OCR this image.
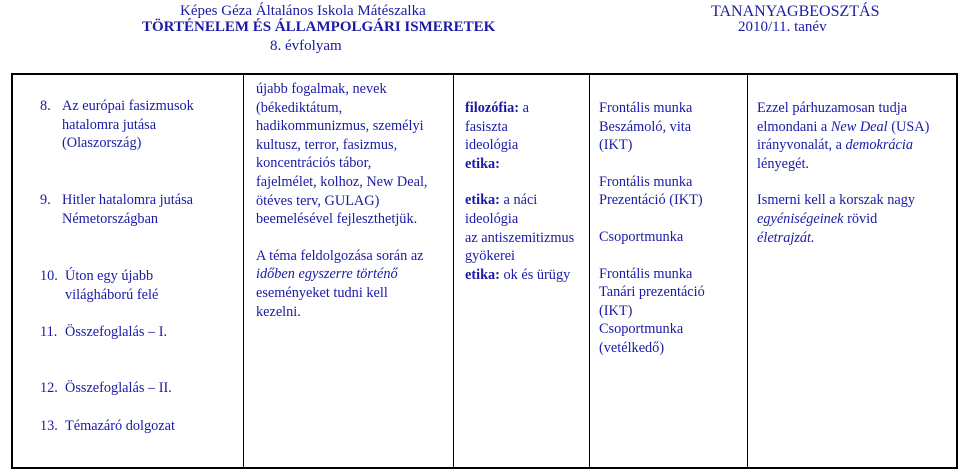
Képes Géza Általános Iskola Mátészalka
TÖRTÉNELEM ÉS ÁLLAMPOLGÁRI ISMERETEK
8. évfolyam
TANANYAGBEOSZTÁS
2010/11. tanév
8. Az európai fasizmusok
hatalomra jutása
(Olaszország)
9. Hitler hatalomra jutása
Németországban
10. Úton egy újabb
világháború felé
11. Összefoglalás – I.
12. Összefoglalás – II.
13. Témazáró dolgozat

újabb fogalmak, nevek

(békediktátum,

hadikommunizmus, személyi

kultusz, terror, fasizmus,

koncentrációs tábor,

fajelmélet, kolhoz, New Deal,

ötéves terv, GULAG)

beemelésével fejleszthetjük.

A téma feldolgozása során az

időben egyszerre történő

eseményeket tudni kell

kezelni.

filozófia: a

fasiszta

ideológia

etika:

etika: a náci

ideológia

az antiszemitizmus

gyökerei

etika: ok és ürügy

Frontális munka

Beszámoló, vita

(IKT)

Frontális munka

Prezentáció (IKT)

Csoportmunka

Frontális munka

Tanári prezentáció

(IKT)

Csoportmunka

(vetélkedő)

Ezzel párhuzamosan tudja

elmondani a New Deal (USA)

irányvonalát, a demokrácia

lényegét.

Ismerni kell a korszak nagy

egyéniségeinek rövid

életrajzát.
